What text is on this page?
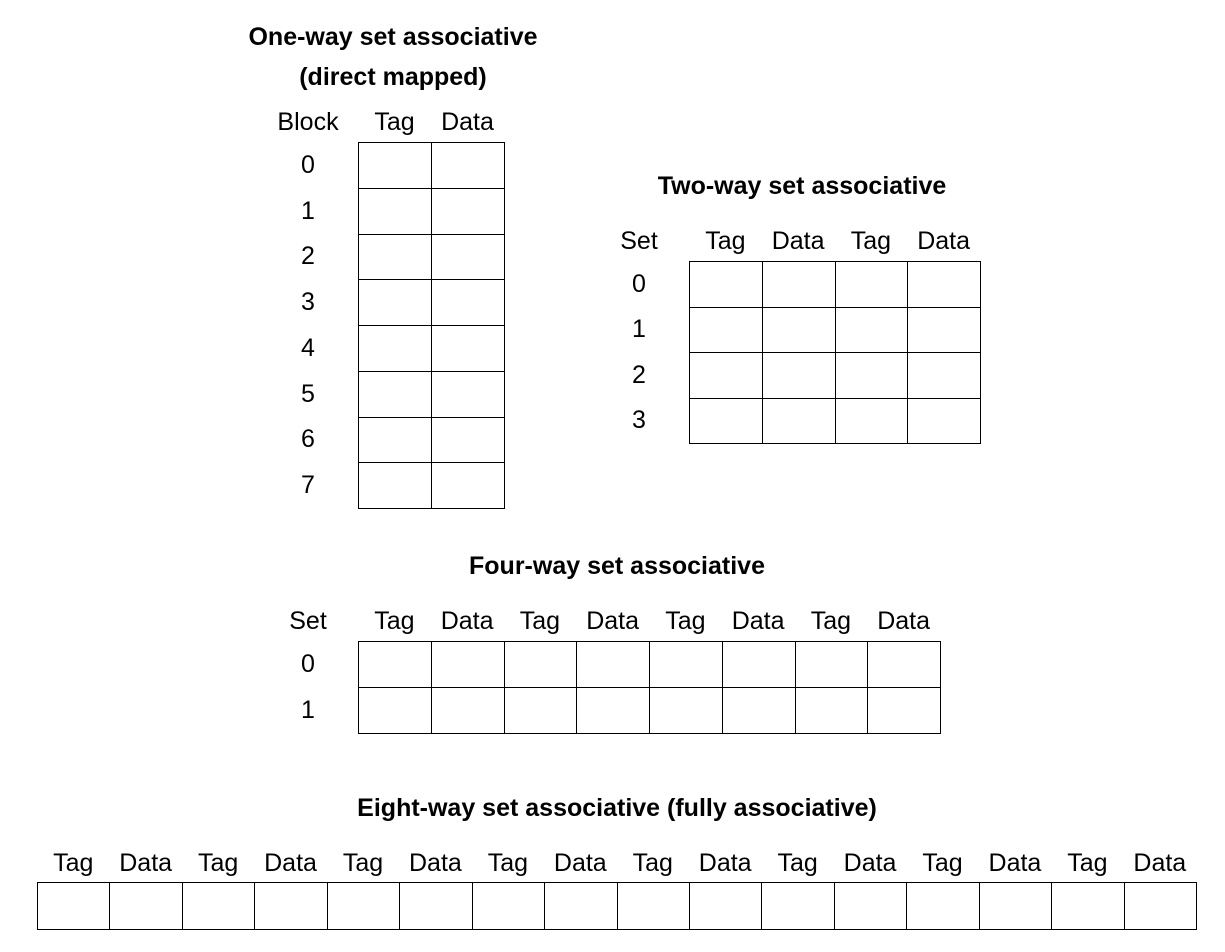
One-way set associative
(direct mapped)
Block Tag Data
0
1
2
3
4
5
6
7

Two-way set associative
Set Tag Data Tag Data
0
1
2
3

Four-way set associative
Set Tag Data Tag Data Tag Data Tag Data
0
1

Eight-way set associative (fully associative)
Tag Data Tag Data Tag Data Tag Data Tag Data Tag Data Tag Data Tag Data
